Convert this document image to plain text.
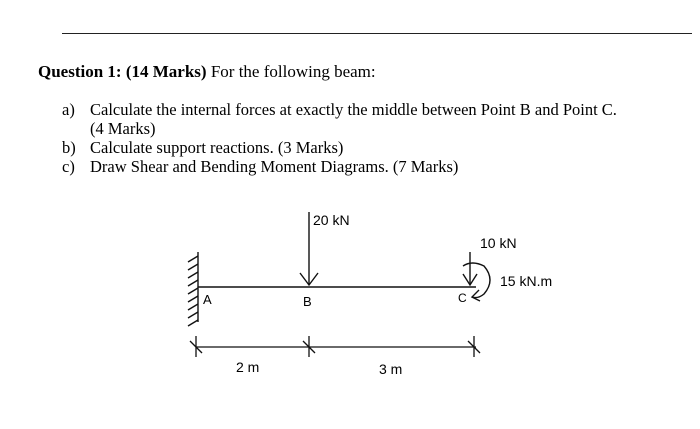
Question 1: (14 Marks) For the following beam:
a) Calculate the internal forces at exactly the middle between Point B and Point C.
(4 Marks)
b) Calculate support reactions. (3 Marks)
c) Draw Shear and Bending Moment Diagrams. (7 Marks)
A	B	C
20 kN
10 kN
15 kN.m
2 m	3 m
